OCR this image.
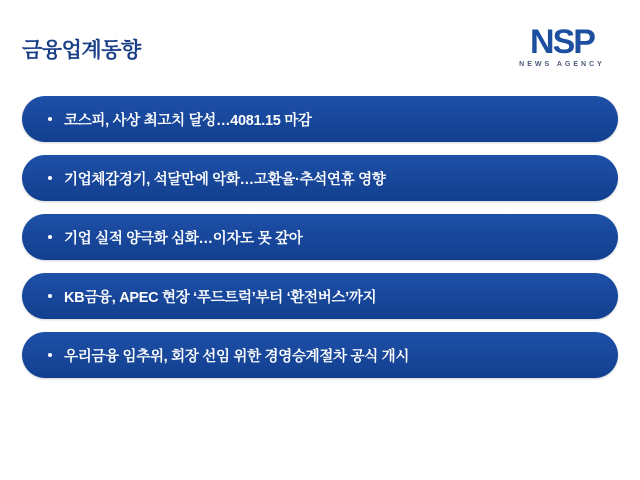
금융업계동향	NSP
NEWS AGENCY
코스피, 사상 최고치 달성…4081.15 마감
기업체감경기, 석달만에 악화…고환율·추석연휴 영향
기업 실적 양극화 심화…이자도 못 갚아
KB금융, APEC 현장 ‘푸드트럭’부터 ‘환전버스’까지
우리금융 임추위, 회장 선임 위한 경영승계절차 공식 개시
